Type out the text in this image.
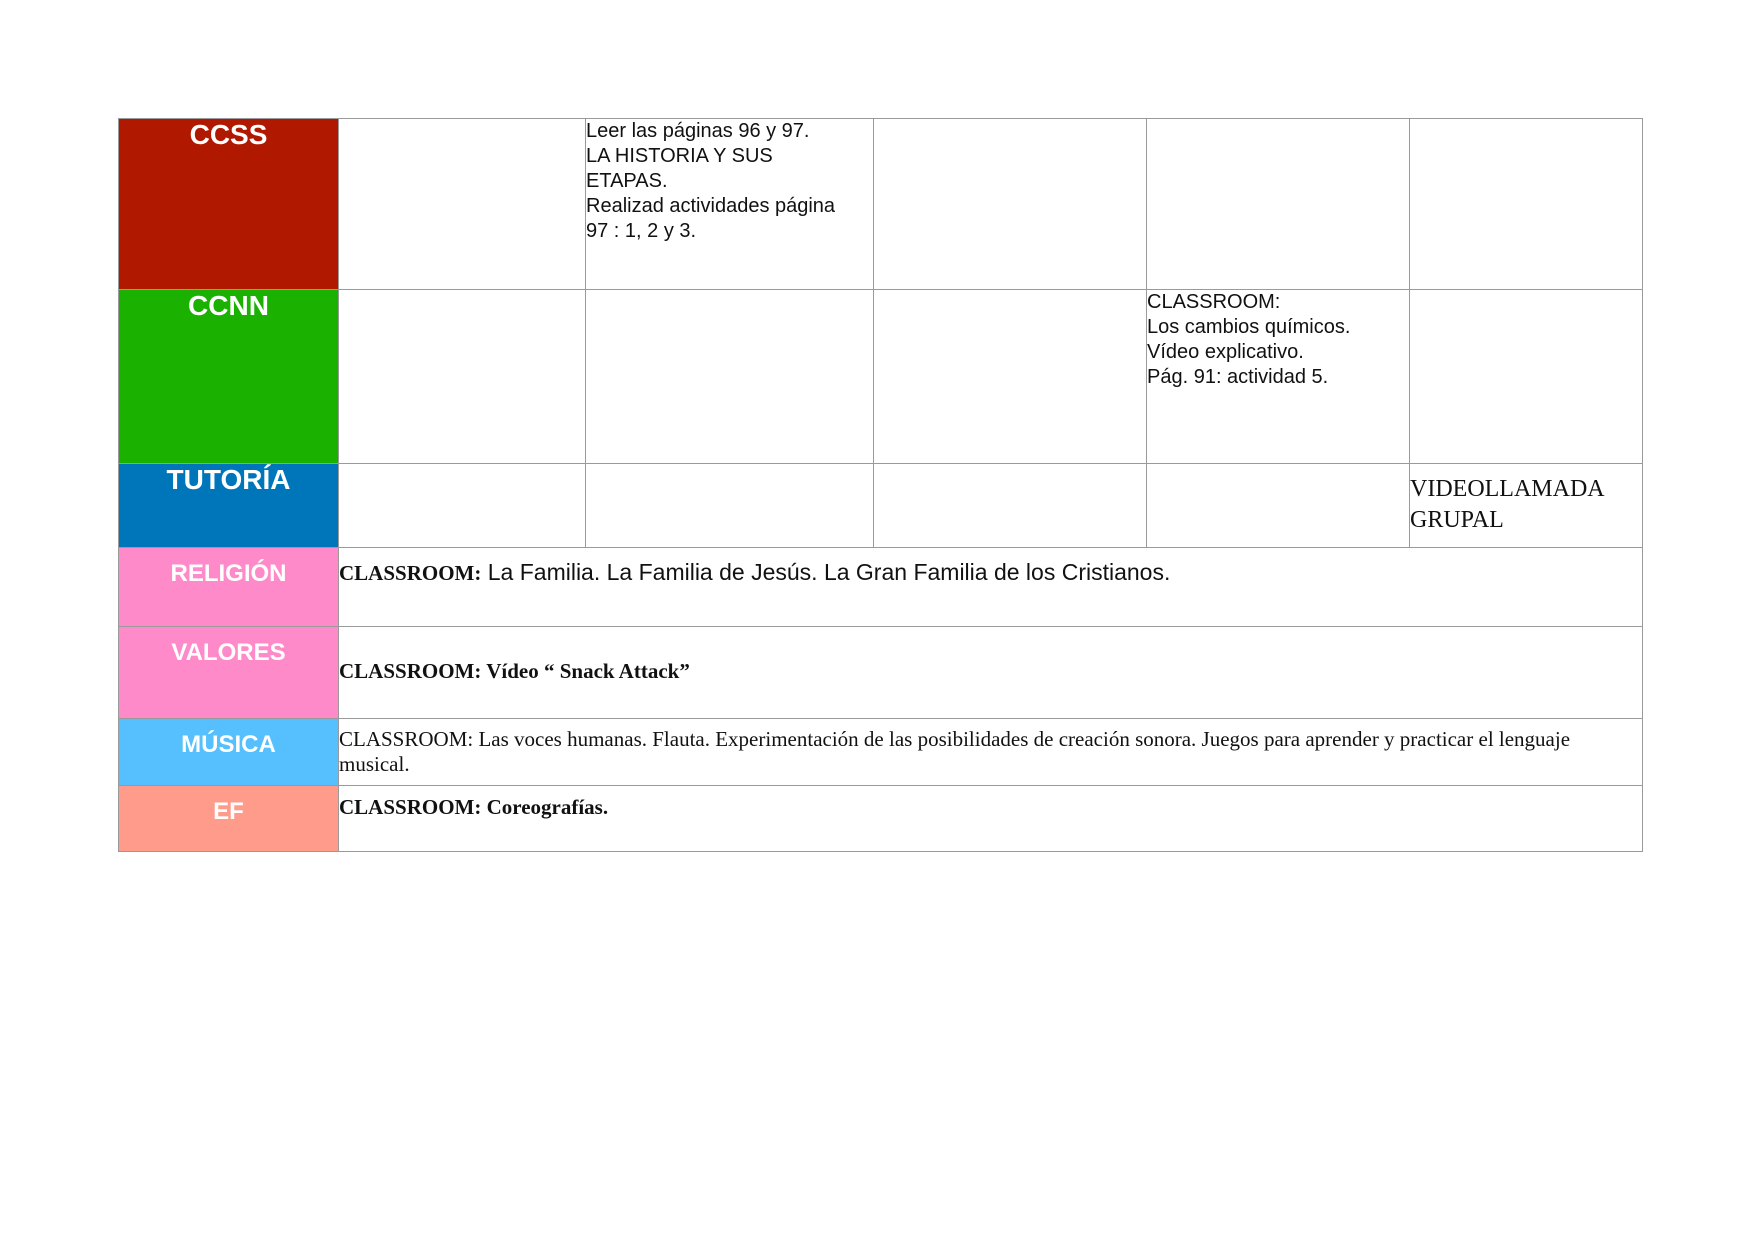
CCSS		Leer las páginas 96 y 97.
LA HISTORIA Y SUS
ETAPAS.
Realizad actividades página
97 : 1, 2 y 3.			

CCNN				CLASSROOM:
Los cambios químicos.
Vídeo explicativo.
Pág. 91: actividad 5.	

TUTORÍA					VIDEOLLAMADA
GRUPAL

RELIGIÓN	CLASSROOM: La Familia. La Familia de Jesús. La Gran Familia de los Cristianos.				
VALORES	CLASSROOM: Vídeo “ Snack Attack”				
MÚSICA	CLASSROOM: Las voces humanas. Flauta. Experimentación de las posibilidades de creación sonora. Juegos para aprender y practicar el lenguaje musical.				
EF	CLASSROOM: Coreografías.				
